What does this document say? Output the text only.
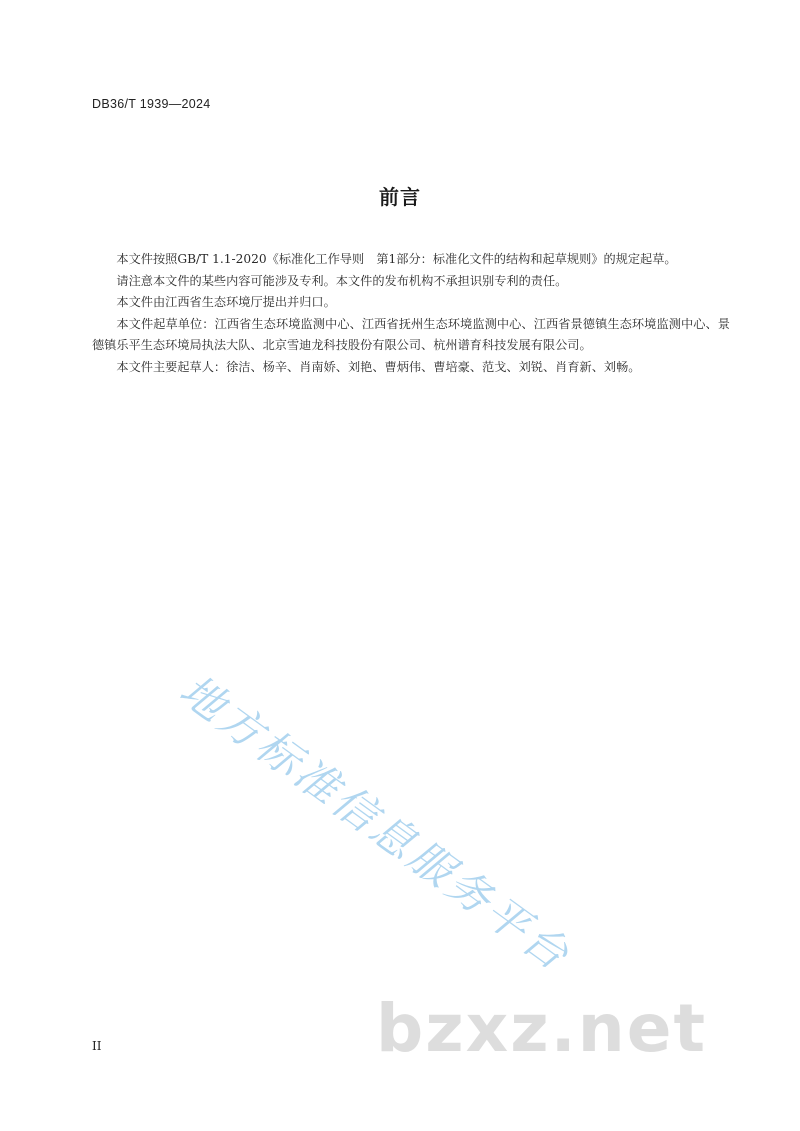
DB36/T 1939—2024
前言

本文件按照GB/T 1.1-2020《标准化工作导则　第1部分：标准化文件的结构和起草规则》的规定起草。

请注意本文件的某些内容可能涉及专利。本文件的发布机构不承担识别专利的责任。

本文件由江西省生态环境厅提出并归口。

本文件起草单位：江西省生态环境监测中心、江西省抚州生态环境监测中心、江西省景德镇生态环境监测中心、景德镇乐平生态环境局执法大队、北京雪迪龙科技股份有限公司、杭州谱育科技发展有限公司。

本文件主要起草人：徐洁、杨辛、肖南娇、刘艳、曹炳伟、曹培豪、范戈、刘锐、肖育新、刘畅。

地方标准信息服务平台
bzxz.net
II
